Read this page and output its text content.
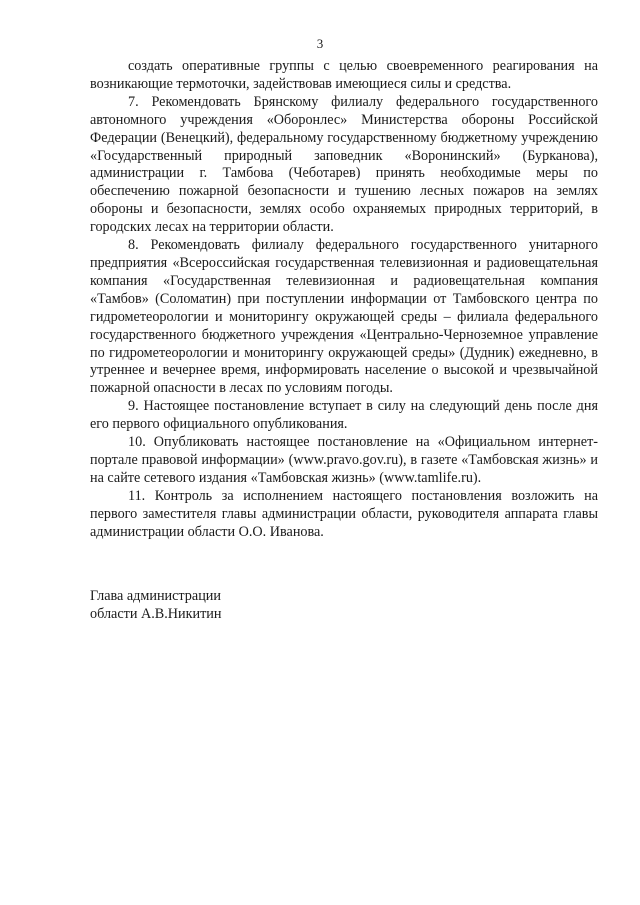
3

создать оперативные группы с целью своевременного реагирования на возникающие термоточки, задействовав имеющиеся силы и средства.

7. Рекомендовать Брянскому филиалу федерального государственного автономного учреждения «Оборонлес» Министерства обороны Российской Федерации (Венецкий), федеральному государственному бюджетному учреждению «Государственный природный заповедник «Воронинский» (Бурканова), администрации г. Тамбова (Чеботарев) принять необходимые меры по обеспечению пожарной безопасности и тушению лесных пожаров на землях обороны и безопасности, землях особо охраняемых природных территорий, в городских лесах на территории области.

8. Рекомендовать филиалу федерального государственного унитарного предприятия «Всероссийская государственная телевизионная и радиовещательная компания «Государственная телевизионная и радиовещательная компания «Тамбов» (Соломатин) при поступлении информации от Тамбовского центра по гидрометеорологии и мониторингу окружающей среды – филиала федерального государственного бюджетного учреждения «Центрально-Черноземное управление по гидрометеорологии и мониторингу окружающей среды» (Дудник) ежедневно, в утреннее и вечернее время, информировать население о высокой и чрезвычайной пожарной опасности в лесах по условиям погоды.

9. Настоящее постановление вступает в силу на следующий день после дня его первого официального опубликования.

10. Опубликовать настоящее постановление на «Официальном интернет-портале правовой информации» (www.pravo.gov.ru), в газете «Тамбовская жизнь» и на сайте сетевого издания «Тамбовская жизнь» (www.tamlife.ru).

11. Контроль за исполнением настоящего постановления возложить на первого заместителя главы администрации области, руководителя аппарата главы администрации области О.О. Иванова.

Глава администрации
области А.В.Никитин
